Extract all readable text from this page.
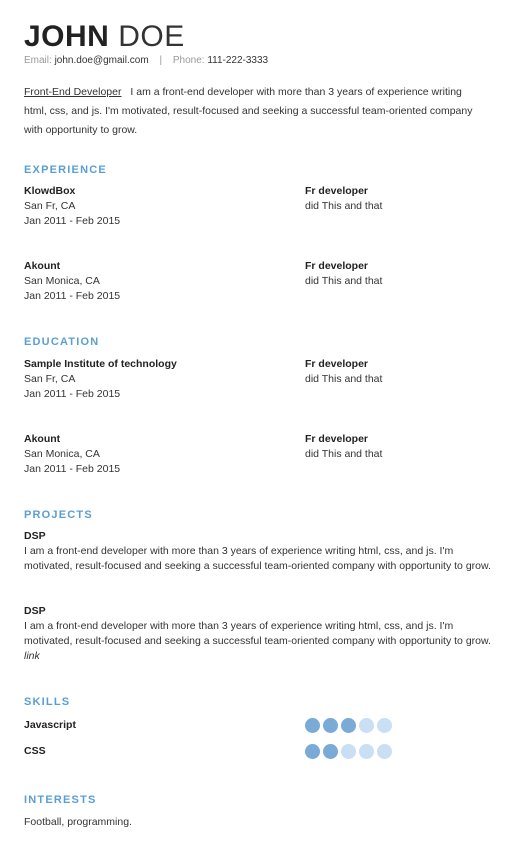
JOHN DOE
Email: john.doe@gmail.com | Phone: 111-222-3333
Front-End Developer I am a front-end developer with more than 3 years of experience writing html, css, and js. I'm motivated, result-focused and seeking a successful team-oriented company with opportunity to grow.
EXPERIENCE
KlowdBox
San Fr, CA
Jan 2011 - Feb 2015
Fr developer
did This and that
Akount
San Monica, CA
Jan 2011 - Feb 2015
Fr developer
did This and that
EDUCATION
Sample Institute of technology
San Fr, CA
Jan 2011 - Feb 2015
Fr developer
did This and that
Akount
San Monica, CA
Jan 2011 - Feb 2015
Fr developer
did This and that
PROJECTS
DSP
I am a front-end developer with more than 3 years of experience writing html, css, and js. I'm motivated, result-focused and seeking a successful team-oriented company with opportunity to grow.
DSP
I am a front-end developer with more than 3 years of experience writing html, css, and js. I'm motivated, result-focused and seeking a successful team-oriented company with opportunity to grow.
link
SKILLS
Javascript
CSS
INTERESTS
Football, programming.
